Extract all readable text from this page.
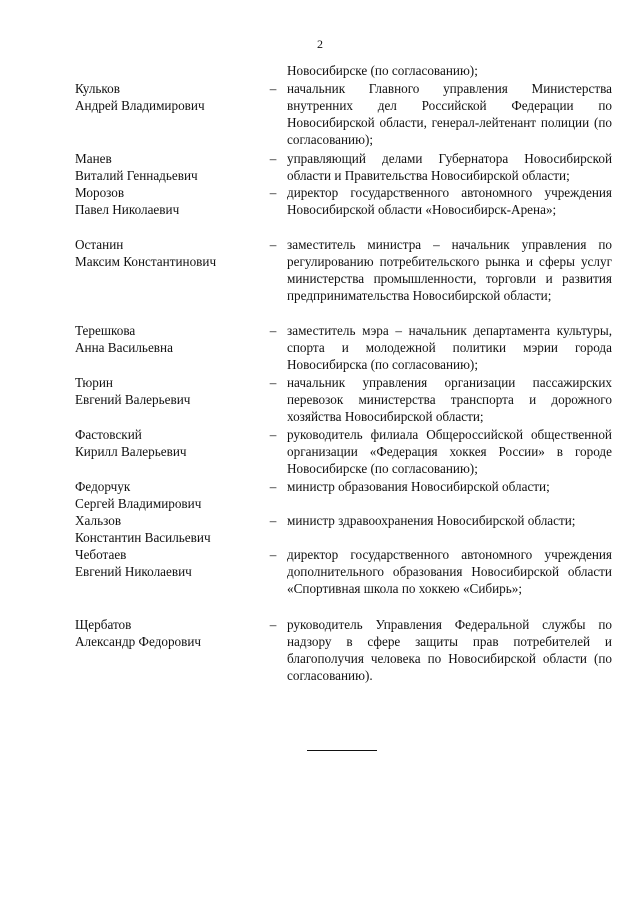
2
Новосибирске (по согласованию);
Кульков
Андрей Владимирович
– начальник Главного управления Министерства внутренних дел Российской Федерации по Новосибирской области, генерал-лейтенант полиции (по согласованию);
Манев
Виталий Геннадьевич
– управляющий делами Губернатора Новосибирской области и Правительства Новосибирской области;
Морозов
Павел Николаевич
– директор государственного автономного учреждения Новосибирской области «Новосибирск-Арена»;
Останин
Максим Константинович
– заместитель министра – начальник управления по регулированию потребительского рынка и сферы услуг министерства промышленности, торговли и развития предпринимательства Новосибирской области;
Терешкова
Анна Васильевна
– заместитель мэра – начальник департамента культуры, спорта и молодежной политики мэрии города Новосибирска (по согласованию);
Тюрин
Евгений Валерьевич
– начальник управления организации пассажирских перевозок министерства транспорта и дорожного хозяйства Новосибирской области;
Фастовский
Кирилл Валерьевич
– руководитель филиала Общероссийской общественной организации «Федерация хоккея России» в городе Новосибирске (по согласованию);
Федорчук
Сергей Владимирович
– министр образования Новосибирской области;
Хальзов
Константин Васильевич
– министр здравоохранения Новосибирской области;
Чеботаев
Евгений Николаевич
– директор государственного автономного учреждения дополнительного образования Новосибирской области «Спортивная школа по хоккею «Сибирь»;
Щербатов
Александр Федорович
– руководитель Управления Федеральной службы по надзору в сфере защиты прав потребителей и благополучия человека по Новосибирской области (по согласованию).
